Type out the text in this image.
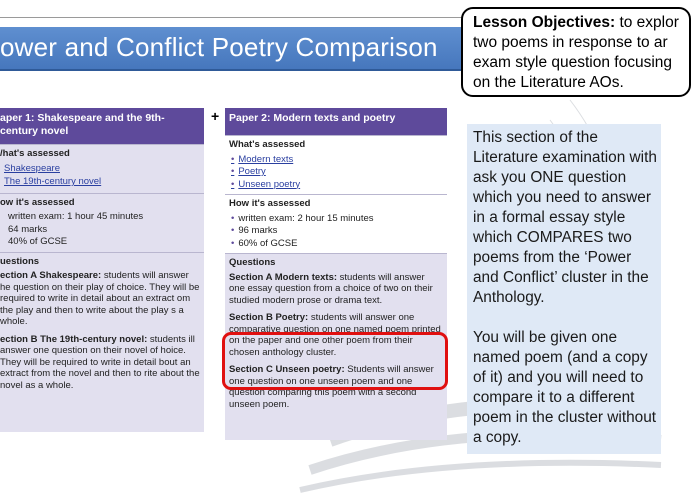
ower and Conflict Poetry Comparison
Lesson Objectives: to explor
two poems in response to ar
exam style question focusing
on the Literature AOs.
aper 1: Shakespeare and the 9th-century novel
/hat's assessed
Shakespeare
The 19th-century novel
ow it's assessed
written exam: 1 hour 45 minutes
64 marks
40% of GCSE
uestions
ection A Shakespeare: students will answer he question on their play of choice. They will be required to write in detail about an extract om the play and then to write about the play s a whole.
ection B The 19th-century novel: students ill answer one question on their novel of hoice. They will be required to write in detail bout an extract from the novel and then to rite about the novel as a whole.
+ Paper 2: Modern texts and poetry
What's assessed
• Modern texts
• Poetry
• Unseen poetry
How it's assessed
• written exam: 2 hour 15 minutes
• 96 marks
• 60% of GCSE
Questions
Section A Modern texts: students will answer one essay question from a choice of two on their studied modern prose or drama text.
Section B Poetry: students will answer one comparative question on one named poem printed on the paper and one other poem from their chosen anthology cluster.
Section C Unseen poetry: Students will answer one question on one unseen poem and one question comparing this poem with a second unseen poem.

This section of the Literature examination with ask you ONE question which you need to answer in a formal essay style which COMPARES two poems from the ‘Power and Conflict’ cluster in the Anthology.

You will be given one named poem (and a copy of it) and you will need to compare it to a different poem in the cluster without a copy.
